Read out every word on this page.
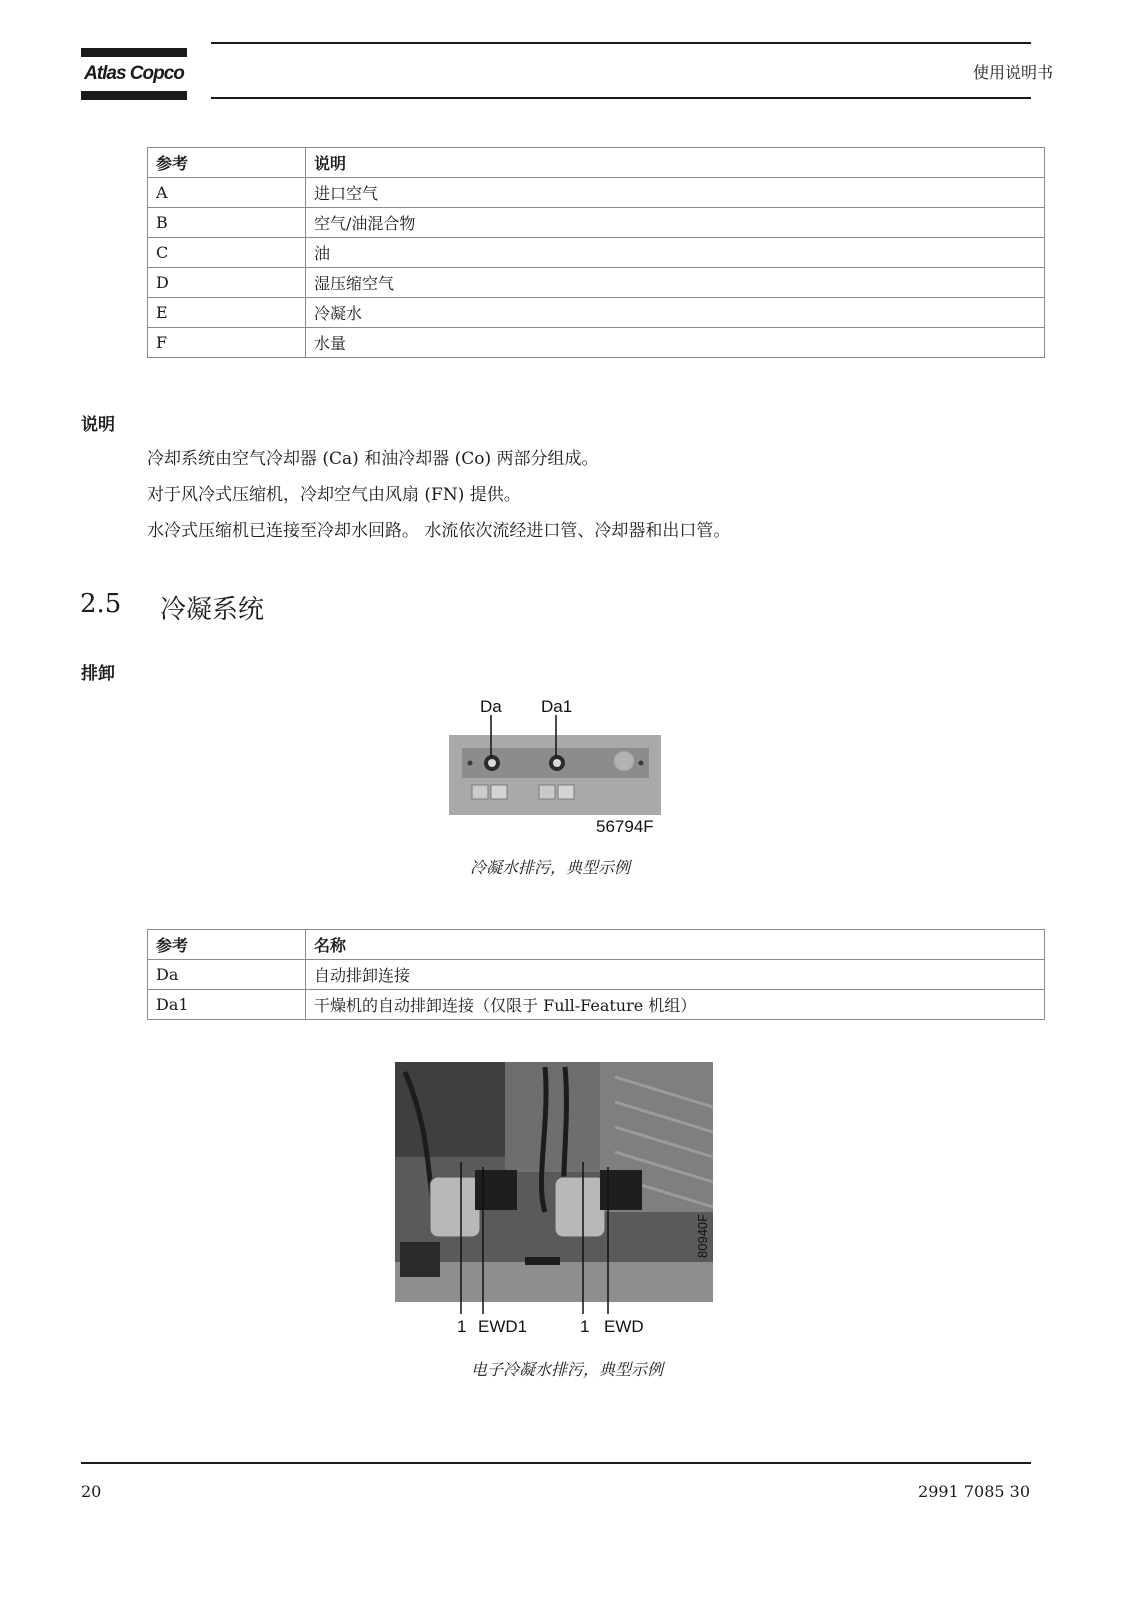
Atlas Copco	使用说明书
参考	说明
A	进口空气
B	空气/油混合物
C	油
D	湿压缩空气
E	冷凝水
F	水量
说明
冷却系统由空气冷却器 (Ca) 和油冷却器 (Co) 两部分组成。
对于风冷式压缩机，冷却空气由风扇 (FN) 提供。
水冷式压缩机已连接至冷却水回路。 水流依次流经进口管、冷却器和出口管。
2.5 冷凝系统
排卸
Da Da1
56794F
冷凝水排污，典型示例
参考	名称
Da	自动排卸连接
Da1	干燥机的自动排卸连接（仅限于 Full-Feature 机组）
80940F
1 EWD1	1 EWD
电子冷凝水排污，典型示例
20	2991 7085 30
